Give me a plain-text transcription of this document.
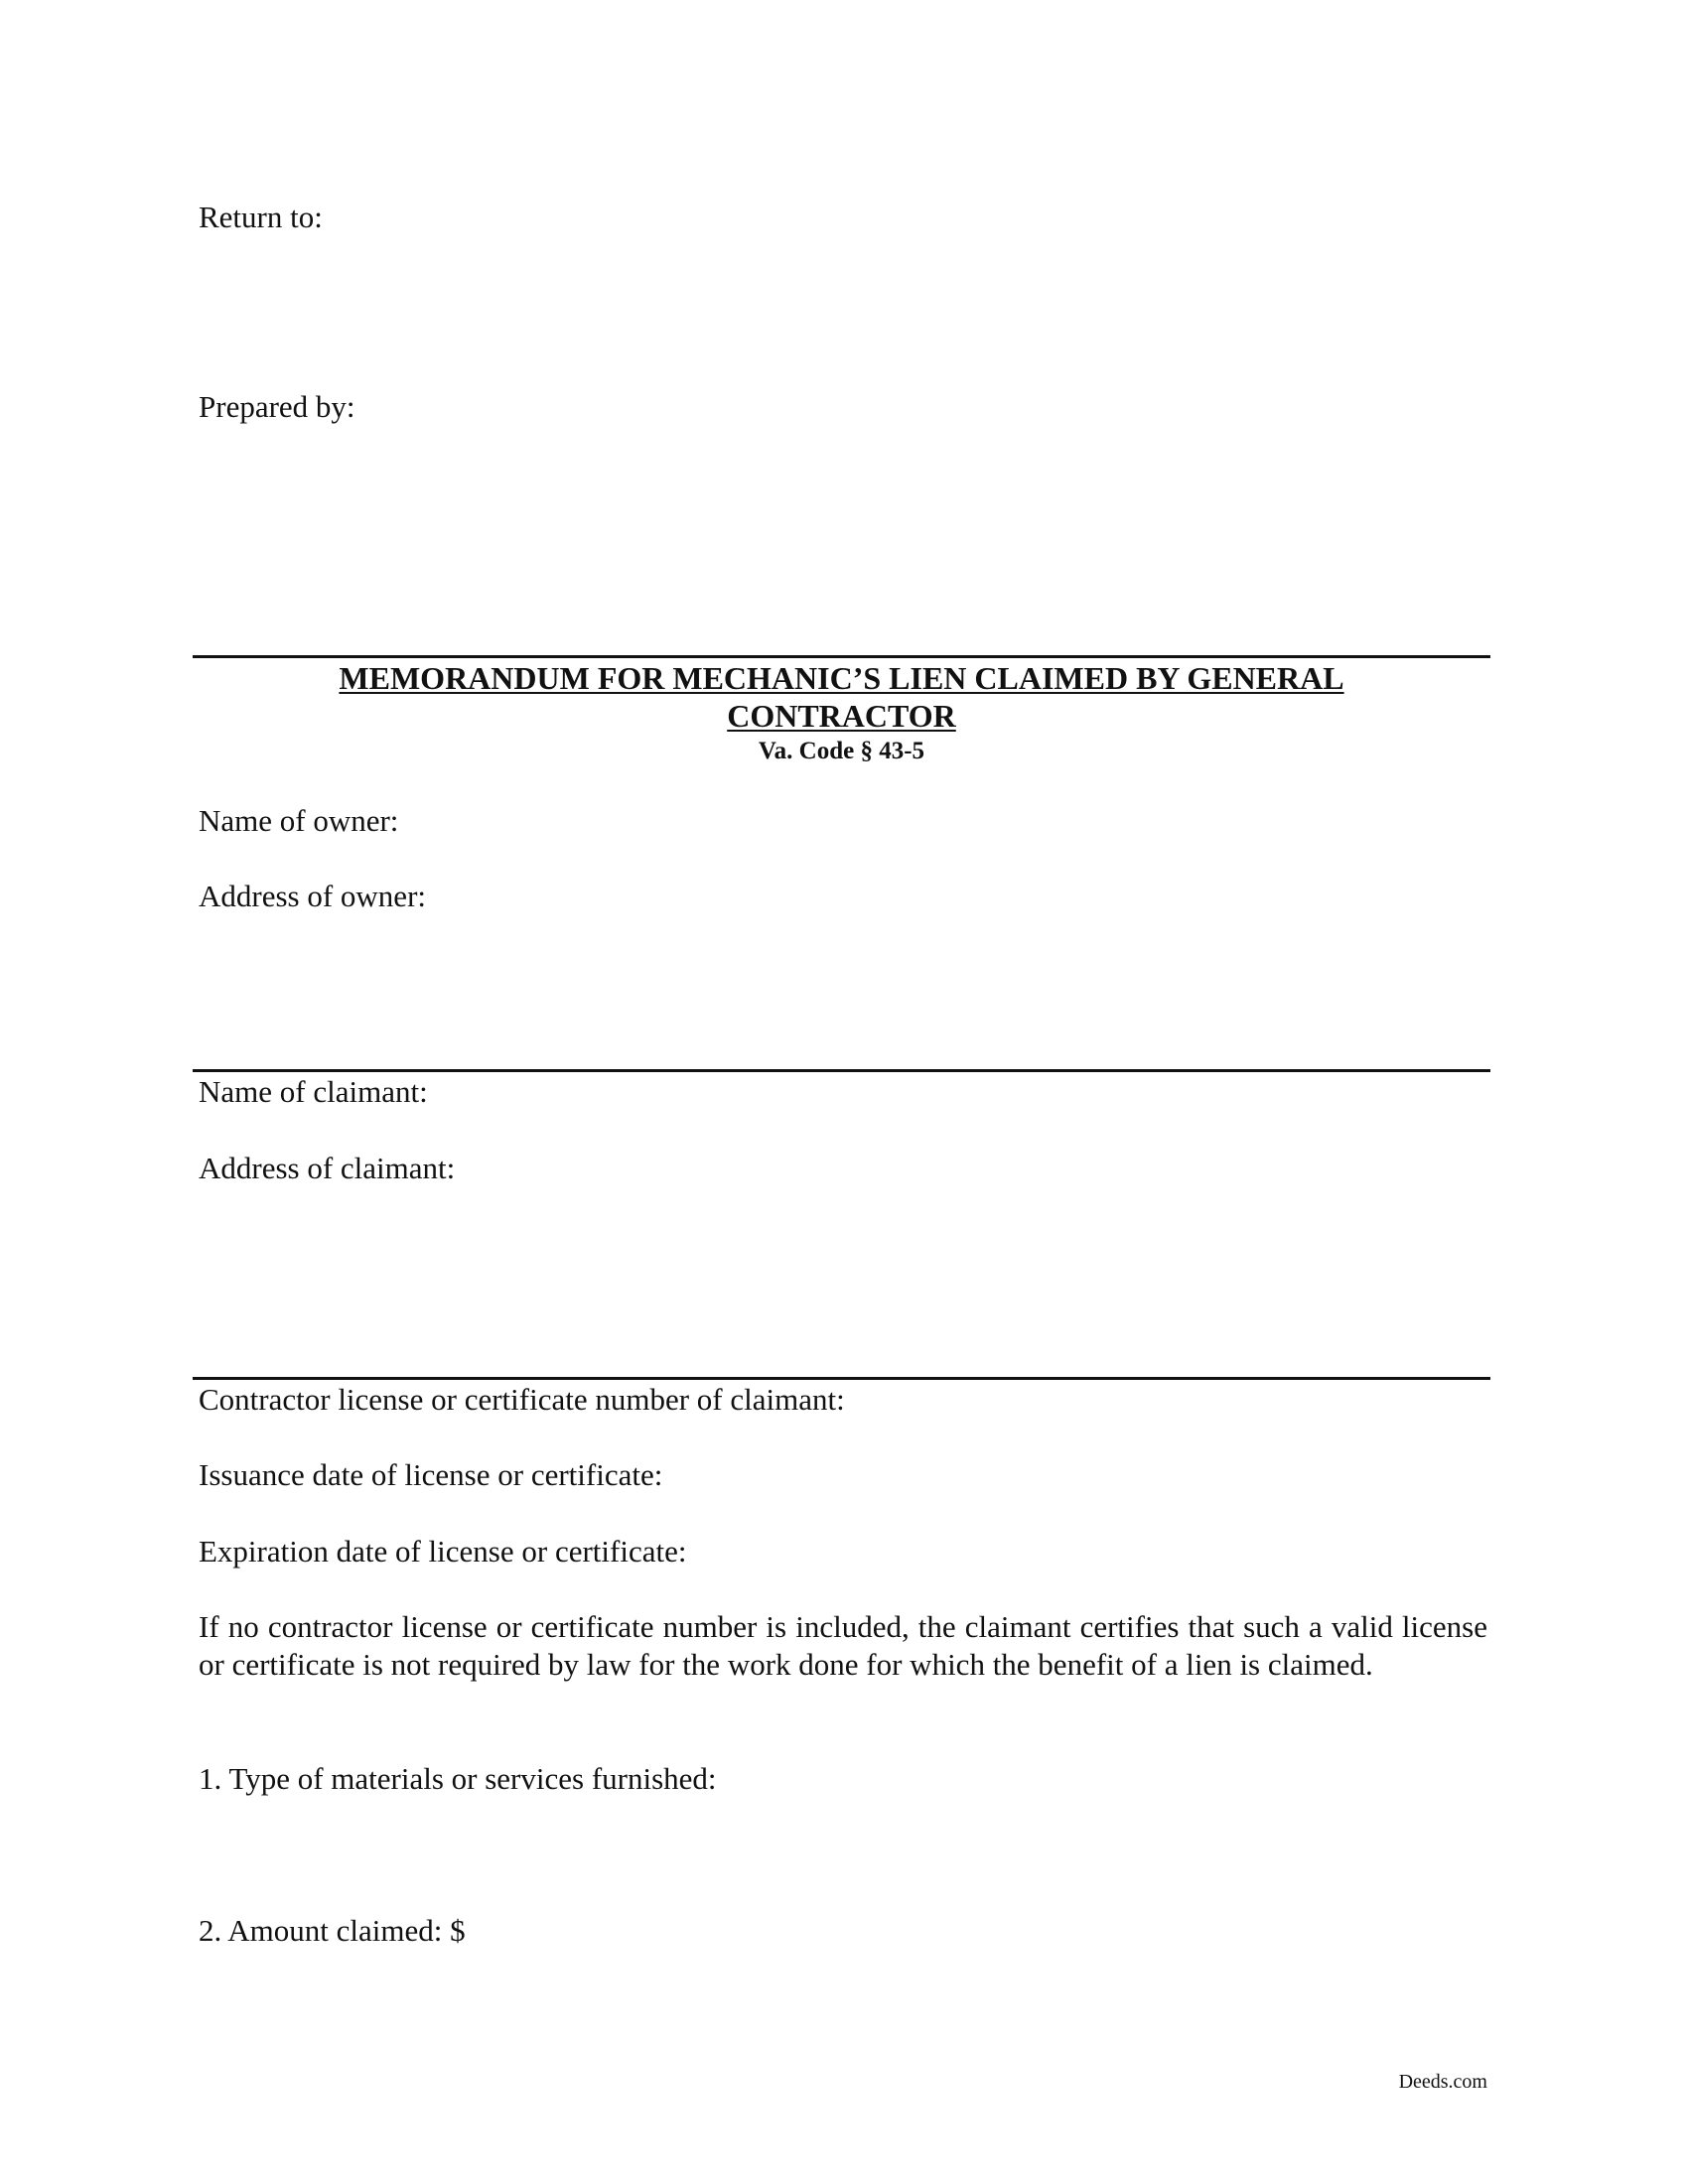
Return to:
Prepared by:
MEMORANDUM FOR MECHANIC’S LIEN CLAIMED BY GENERAL
CONTRACTOR
Va. Code § 43-5
Name of owner:
Address of owner:
Name of claimant:
Address of claimant:
Contractor license or certificate number of claimant:
Issuance date of license or certificate:
Expiration date of license or certificate:
If no contractor license or certificate number is included, the claimant certifies that such a valid license or certificate is not required by law for the work done for which the benefit of a lien is claimed.
1. Type of materials or services furnished:
2. Amount claimed: $
Deeds.com
